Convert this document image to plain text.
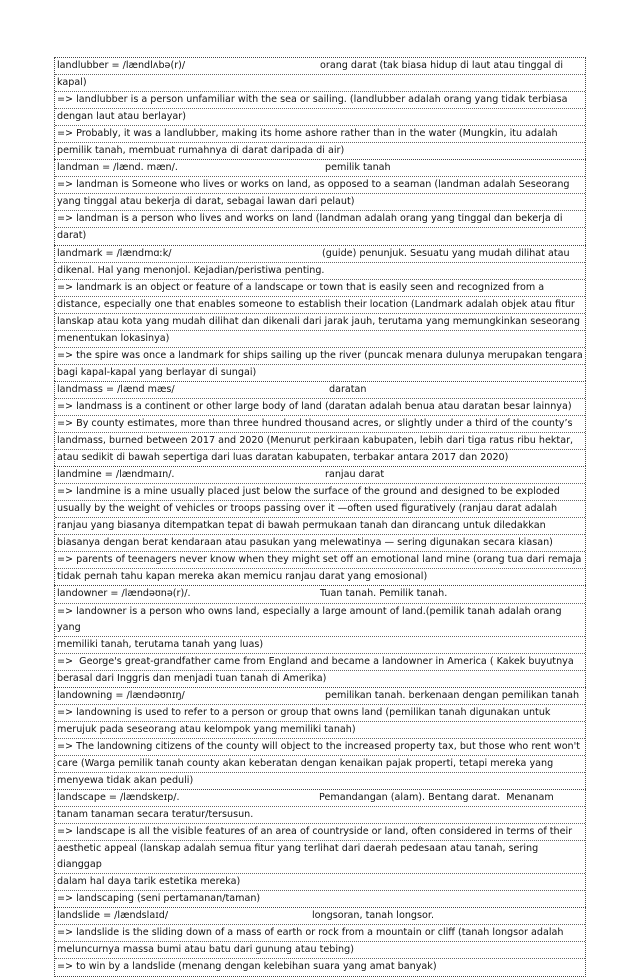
landlubber = /lændlʌbə(r)/	orang darat (tak biasa hidup di laut atau tinggal di
kapal)
=> landlubber is a person unfamiliar with the sea or sailing. (landlubber adalah orang yang tidak terbiasa
dengan laut atau berlayar)
=> Probably, it was a landlubber, making its home ashore rather than in the water (Mungkin, itu adalah
pemilik tanah, membuat rumahnya di darat daripada di air)
landman = /lænd. mæn/.	pemilik tanah
=> landman is Someone who lives or works on land, as opposed to a seaman (landman adalah Seseorang
yang tinggal atau bekerja di darat, sebagai lawan dari pelaut)
=> landman is a person who lives and works on land (landman adalah orang yang tinggal dan bekerja di
darat)
landmark = /lændmɑːk/	(guide) penunjuk. Sesuatu yang mudah dilihat atau
dikenal. Hal yang menonjol. Kejadian/peristiwa penting.
=> landmark is an object or feature of a landscape or town that is easily seen and recognized from a
distance, especially one that enables someone to establish their location (Landmark adalah objek atau fitur
lanskap atau kota yang mudah dilihat dan dikenali dari jarak jauh, terutama yang memungkinkan seseorang
menentukan lokasinya)
=> the spire was once a landmark for ships sailing up the river (puncak menara dulunya merupakan tengara
bagi kapal-kapal yang berlayar di sungai)
landmass = /lænd mæs/	daratan
=> landmass is a continent or other large body of land (daratan adalah benua atau daratan besar lainnya)
=> By county estimates, more than three hundred thousand acres, or slightly under a third of the county’s
landmass, burned between 2017 and 2020 (Menurut perkiraan kabupaten, lebih dari tiga ratus ribu hektar,
atau sedikit di bawah sepertiga dari luas daratan kabupaten, terbakar antara 2017 dan 2020)
landmine = /lændmaɪn/.	ranjau darat
=> landmine is a mine usually placed just below the surface of the ground and designed to be exploded
usually by the weight of vehicles or troops passing over it —often used figuratively (ranjau darat adalah
ranjau yang biasanya ditempatkan tepat di bawah permukaan tanah dan dirancang untuk diledakkan
biasanya dengan berat kendaraan atau pasukan yang melewatinya — sering digunakan secara kiasan)
=> parents of teenagers never know when they might set off an emotional land mine (orang tua dari remaja
tidak pernah tahu kapan mereka akan memicu ranjau darat yang emosional)
landowner = /lændəʊnə(r)/.	Tuan tanah. Pemilik tanah.
=> landowner is a person who owns land, especially a large amount of land.(pemilik tanah adalah orang yang
memiliki tanah, terutama tanah yang luas)
=>  George's great-grandfather came from England and became a landowner in America ( Kakek buyutnya
berasal dari Inggris dan menjadi tuan tanah di Amerika)
landowning = /lændəʊnɪŋ/	pemilikan tanah. berkenaan dengan pemilikan tanah
=> landowning is used to refer to a person or group that owns land (pemilikan tanah digunakan untuk
merujuk pada seseorang atau kelompok yang memiliki tanah)
=> The landowning citizens of the county will object to the increased property tax, but those who rent won't
care (Warga pemilik tanah county akan keberatan dengan kenaikan pajak properti, tetapi mereka yang
menyewa tidak akan peduli)
landscape = /lændskeɪp/.	Pemandangan (alam). Bentang darat.  Menanam
tanam tanaman secara teratur/tersusun.
=> landscape is all the visible features of an area of countryside or land, often considered in terms of their
aesthetic appeal (lanskap adalah semua fitur yang terlihat dari daerah pedesaan atau tanah, sering dianggap
dalam hal daya tarik estetika mereka)
=> landscaping (seni pertamanan/taman)
landslide = /lændslaɪd/	longsoran, tanah longsor.
=> landslide is the sliding down of a mass of earth or rock from a mountain or cliff (tanah longsor adalah
meluncurnya massa bumi atau batu dari gunung atau tebing)
=> to win by a landslide (menang dengan kelebihan suara yang amat banyak)
